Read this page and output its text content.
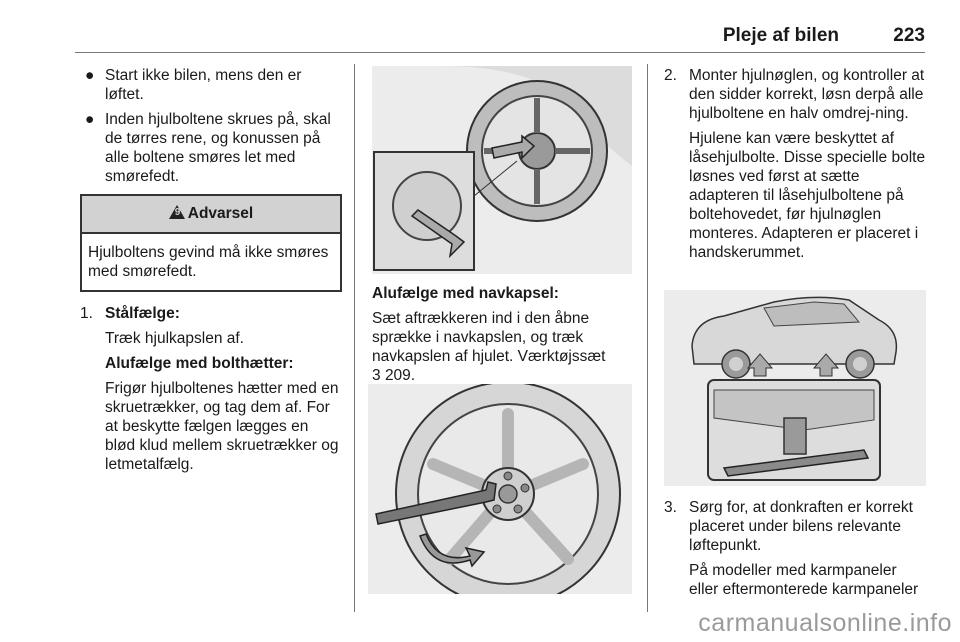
Pleje af bilen	223
● Start ikke bilen, mens den er løftet.
● Inden hjulboltene skrues på, skal de tørres rene, og konussen på alle boltene smøres let med smørefedt.
9 Advarsel
Hjulboltens gevind må ikke smøres med smørefedt.
1. Stålfælge:
Træk hjulkapslen af.
Alufælge med bolthætter:
Frigør hjulboltenes hætter med en skruetrækker, og tag dem af. For at beskytte fælgen lægges en blød klud mellem skruetrækker og letmetalfælg.
Alufælge med navkapsel:
Sæt aftrækkeren ind i den åbne sprække i navkapslen, og træk navkapslen af hjulet. Værktøjssæt
3 209.
2. Monter hjulnøglen, og kontroller at den sidder korrekt, løsn derpå alle hjulboltene en halv omdrej-ning.
Hjulene kan være beskyttet af låsehjulbolte. Disse specielle bolte løsnes ved først at sætte adapteren til låsehjulboltene på boltehovedet, før hjulnøglen monteres. Adapteren er placeret i handskerummet.
3. Sørg for, at donkraften er korrekt placeret under bilens relevante løftepunkt.
På modeller med karmpaneler eller eftermonterede karmpaneler
carmanualsonline.info
